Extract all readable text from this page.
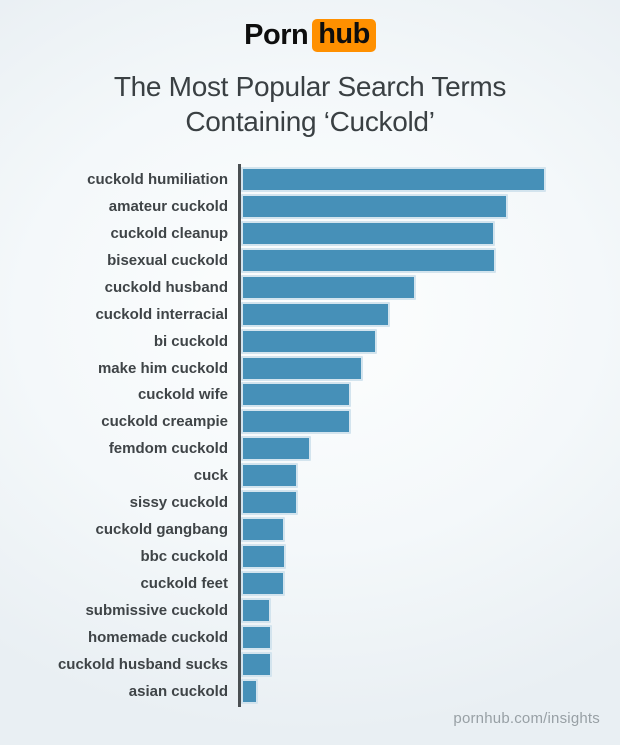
Porn hub
The Most Popular Search Terms
Containing ‘Cuckold’
cuckold humiliation
amateur cuckold
cuckold cleanup
bisexual cuckold
cuckold husband
cuckold interracial
bi cuckold
make him cuckold
cuckold wife
cuckold creampie
femdom cuckold
cuck
sissy cuckold
cuckold gangbang
bbc cuckold
cuckold feet
submissive cuckold
homemade cuckold
cuckold husband sucks
asian cuckold
pornhub.com/insights
